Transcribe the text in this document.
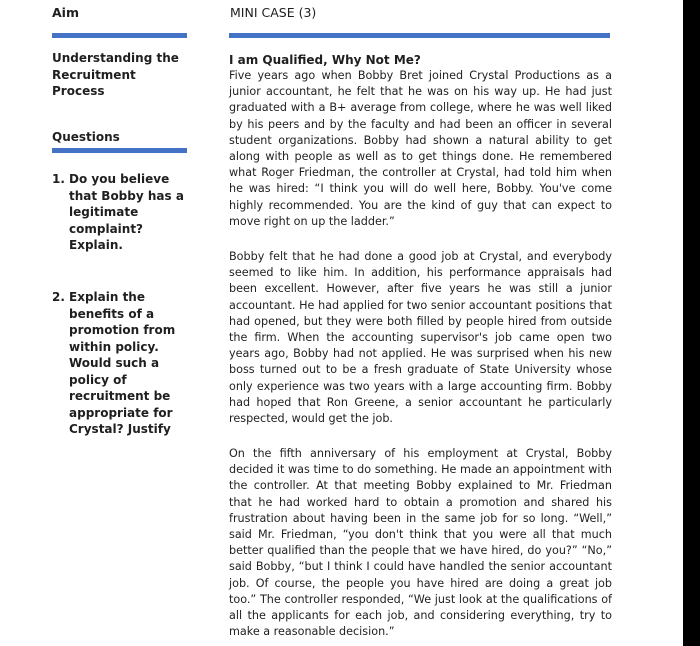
Aim	MINI CASE (3)
Understanding the Recruitment Process
Questions
1. Do you believe that Bobby has a legitimate complaint? Explain.
2. Explain the benefits of a promotion from within policy. Would such a policy of recruitment be appropriate for Crystal? Justify
I am Qualified, Why Not Me?

Five years ago when Bobby Bret joined Crystal Productions as a junior accountant, he felt that he was on his way up. He had just graduated with a B+ average from college, where he was well liked by his peers and by the faculty and had been an officer in several student organizations. Bobby had shown a natural ability to get along with people as well as to get things done. He remembered what Roger Friedman, the controller at Crystal, had told him when he was hired: “I think you will do well here, Bobby. You've come highly recommended. You are the kind of guy that can expect to move right on up the ladder.”

Bobby felt that he had done a good job at Crystal, and everybody seemed to like him. In addition, his performance appraisals had been excellent. However, after five years he was still a junior accountant. He had applied for two senior accountant positions that had opened, but they were both filled by people hired from outside the firm. When the accounting supervisor's job came open two years ago, Bobby had not applied. He was surprised when his new boss turned out to be a fresh graduate of State University whose only experience was two years with a large accounting firm. Bobby had hoped that Ron Greene, a senior accountant he particularly respected, would get the job.

On the fifth anniversary of his employment at Crystal, Bobby decided it was time to do something. He made an appointment with the controller. At that meeting Bobby explained to Mr. Friedman that he had worked hard to obtain a promotion and shared his frustration about having been in the same job for so long. “Well,” said Mr. Friedman, “you don't think that you were all that much better qualified than the people that we have hired, do you?” “No,” said Bobby, “but I think I could have handled the senior accountant job. Of course, the people you have hired are doing a great job too.” The controller responded, “We just look at the qualifications of all the applicants for each job, and considering everything, try to make a reasonable decision.”
